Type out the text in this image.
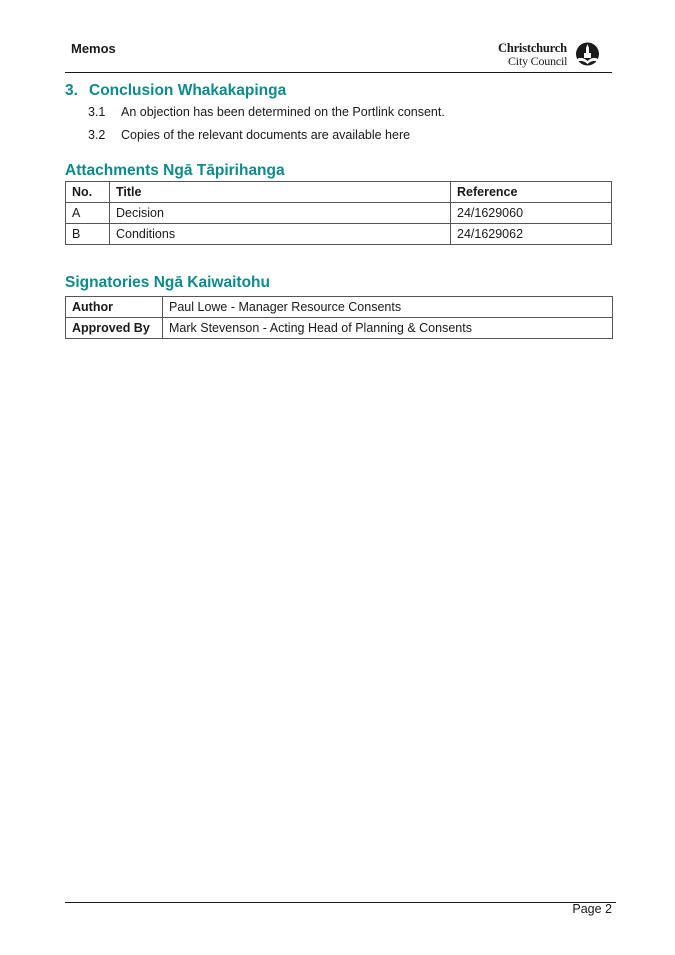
Memos	Christchurch
City Council
3. Conclusion Whakakapinga
3.1 An objection has been determined on the Portlink consent.
3.2 Copies of the relevant documents are available here
Attachments Ngā Tāpirihanga
No.	Title	Reference
A	Decision	24/1629060
B	Conditions	24/1629062
Signatories Ngā Kaiwaitohu
Author	Paul Lowe - Manager Resource Consents
Approved By	Mark Stevenson - Acting Head of Planning & Consents
Page 2
